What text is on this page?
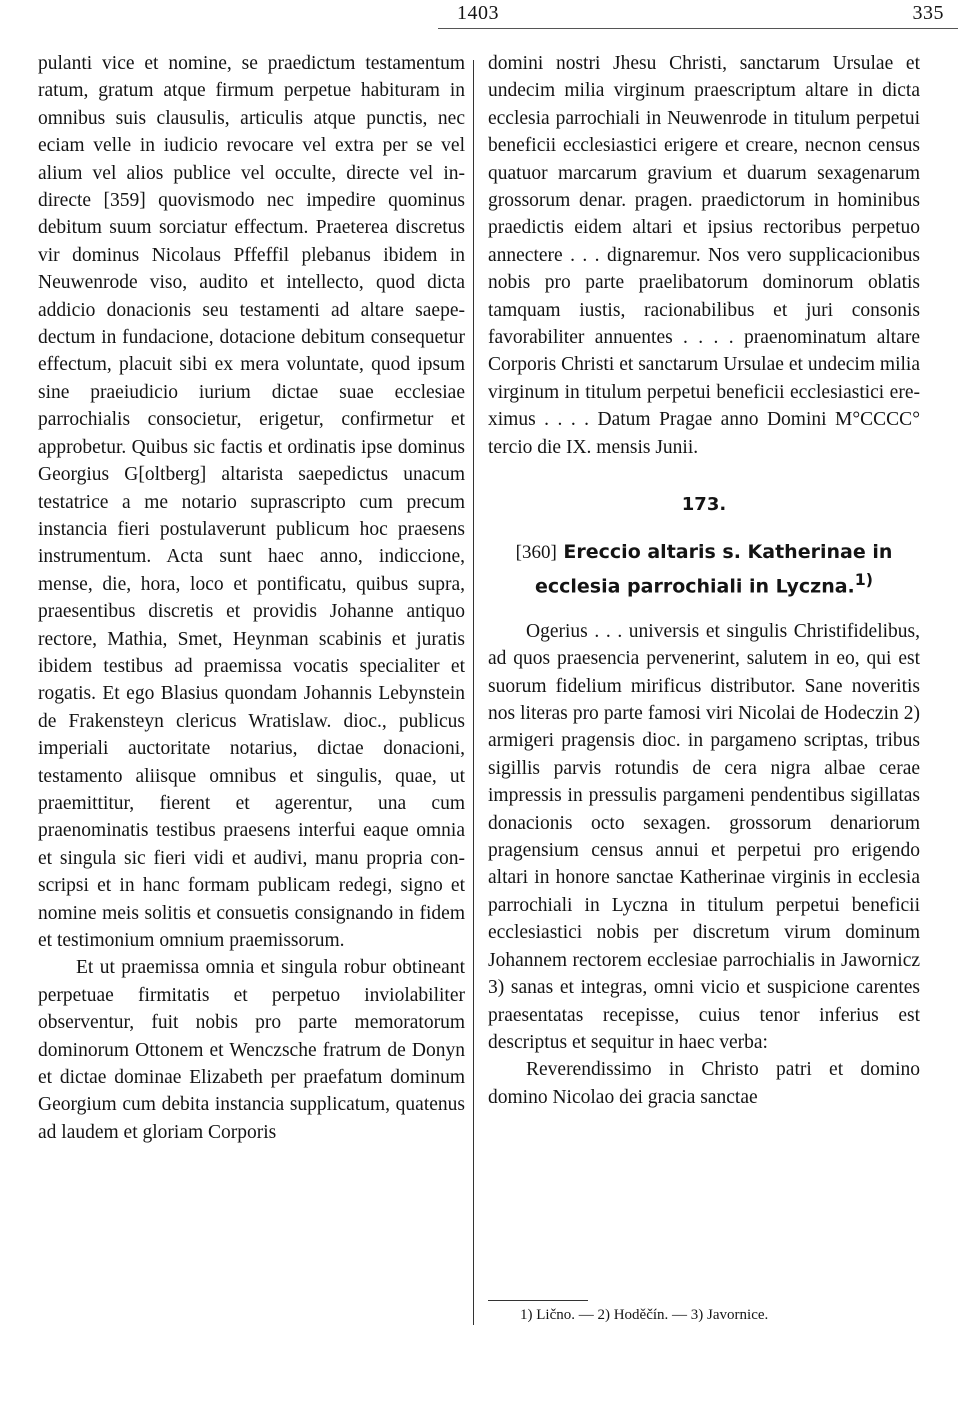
1403	335

pulanti vice et nomine, se praedictum testamentum ratum, gratum atque firmum perpetue habituram in omnibus suis clausulis, articulis atque punctis, nec eciam velle in iudicio revocare vel extra per se vel alium vel alios publice vel occulte, directe vel indirecte [359] quovismodo nec impedire quominus debitum suum sorciatur effectum. Praeterea discretus vir dominus Nicolaus Pffeffil plebanus ibidem in Neuwenrode viso, audito et intellecto, quod dicta addicio donacionis seu testamenti ad altare saepedectum in fundacione, dotacione debitum consequetur effectum, placuit sibi ex mera voluntate, quod ipsum sine praeiudicio iurium dictae suae ecclesiae parrochialis consocietur, erigetur, confirmetur et approbetur. Quibus sic factis et ordinatis ipse dominus Georgius G[oltberg] altarista saepedictus unacum testatrice a me notario suprascripto cum precum instancia fieri postulaverunt publicum hoc praesens instrumentum. Acta sunt haec anno, indiccione, mense, die, hora, loco et pontificatu, quibus supra, praesentibus discretis et providis Johanne antiquo rectore, Mathia, Smet, Heynman scabinis et juratis ibidem testibus ad praemissa vocatis specialiter et rogatis. Et ego Blasius quondam Johannis Lebynstein de Frakensteyn clericus Wratislaw. dioc., publicus imperiali auctoritate notarius, dictae donacioni, testamento aliisque omnibus et singulis, quae, ut praemittitur, fierent et agerentur, una cum praenominatis testibus praesens interfui eaque omnia et singula sic fieri vidi et audivi, manu propria conscripsi et in hanc formam publicam redegi, signo et nomine meis solitis et consuetis consignando in fidem et testimonium omnium praemissorum.

Et ut praemissa omnia et singula robur obtineant perpetuae firmitatis et perpetuo inviolabiliter observentur, fuit nobis pro parte memoratorum dominorum Ottonem et Wenczsche fratrum de Donyn et dictae dominae Elizabeth per praefatum dominum Georgium cum debita instancia supplicatum, quatenus ad laudem et gloriam Corporis

domini nostri Jhesu Christi, sanctarum Ursulae et undecim milia virginum praescriptum altare in dicta ecclesia parrochiali in Neuwenrode in titulum perpetui beneficii ecclesiastici erigere et creare, necnon census quatuor marcarum gravium et duarum sexagenarum grossorum denar. pragen. praedictorum in hominibus praedictis eidem altari et ipsius rectoribus perpetuo annectere . . . dignaremur. Nos vero supplicacionibus nobis pro parte praelibatorum dominorum oblatis tamquam iustis, racionabilibus et juri consonis favorabiliter annuentes . . . . praenominatum altare Corporis Christi et sanctarum Ursulae et undecim milia virginum in titulum perpetui beneficii ecclesiastici ereximus . . . . Datum Pragae anno Domini M°CCCC° tercio die IX. mensis Junii.

173.
[360] Ereccio altaris s. Katherinae in
ecclesia parrochiali in Lyczna.$^{1)}$

Ogerius . . . universis et singulis Christifidelibus, ad quos praesencia pervenerint, salutem in eo, qui est suorum fidelium mirificus distributor. Sane noveritis nos literas pro parte famosi viri Nicolai de Hodeczin 2) armigeri pragensis dioc. in pargameno scriptas, tribus sigillis parvis rotundis de cera nigra albae cerae impressis in pressulis pargameni pendentibus sigillatas donacionis octo sexagen. grossorum denariorum pragensium census annui et perpetui pro erigendo altari in honore sanctae Katherinae virginis in ecclesia parrochiali in Lyczna in titulum perpetui beneficii ecclesiastici nobis per discretum virum dominum Johannem rectorem ecclesiae parrochialis in Jawornicz 3) sanas et integras, omni vicio et suspicione carentes praesentatas recepisse, cuius tenor inferius est descriptus et sequitur in haec verba:

Reverendissimo in Christo patri et domino domino Nicolao dei gracia sanctae

1) Lično. — 2) Hoděčín. — 3) Javornice.
